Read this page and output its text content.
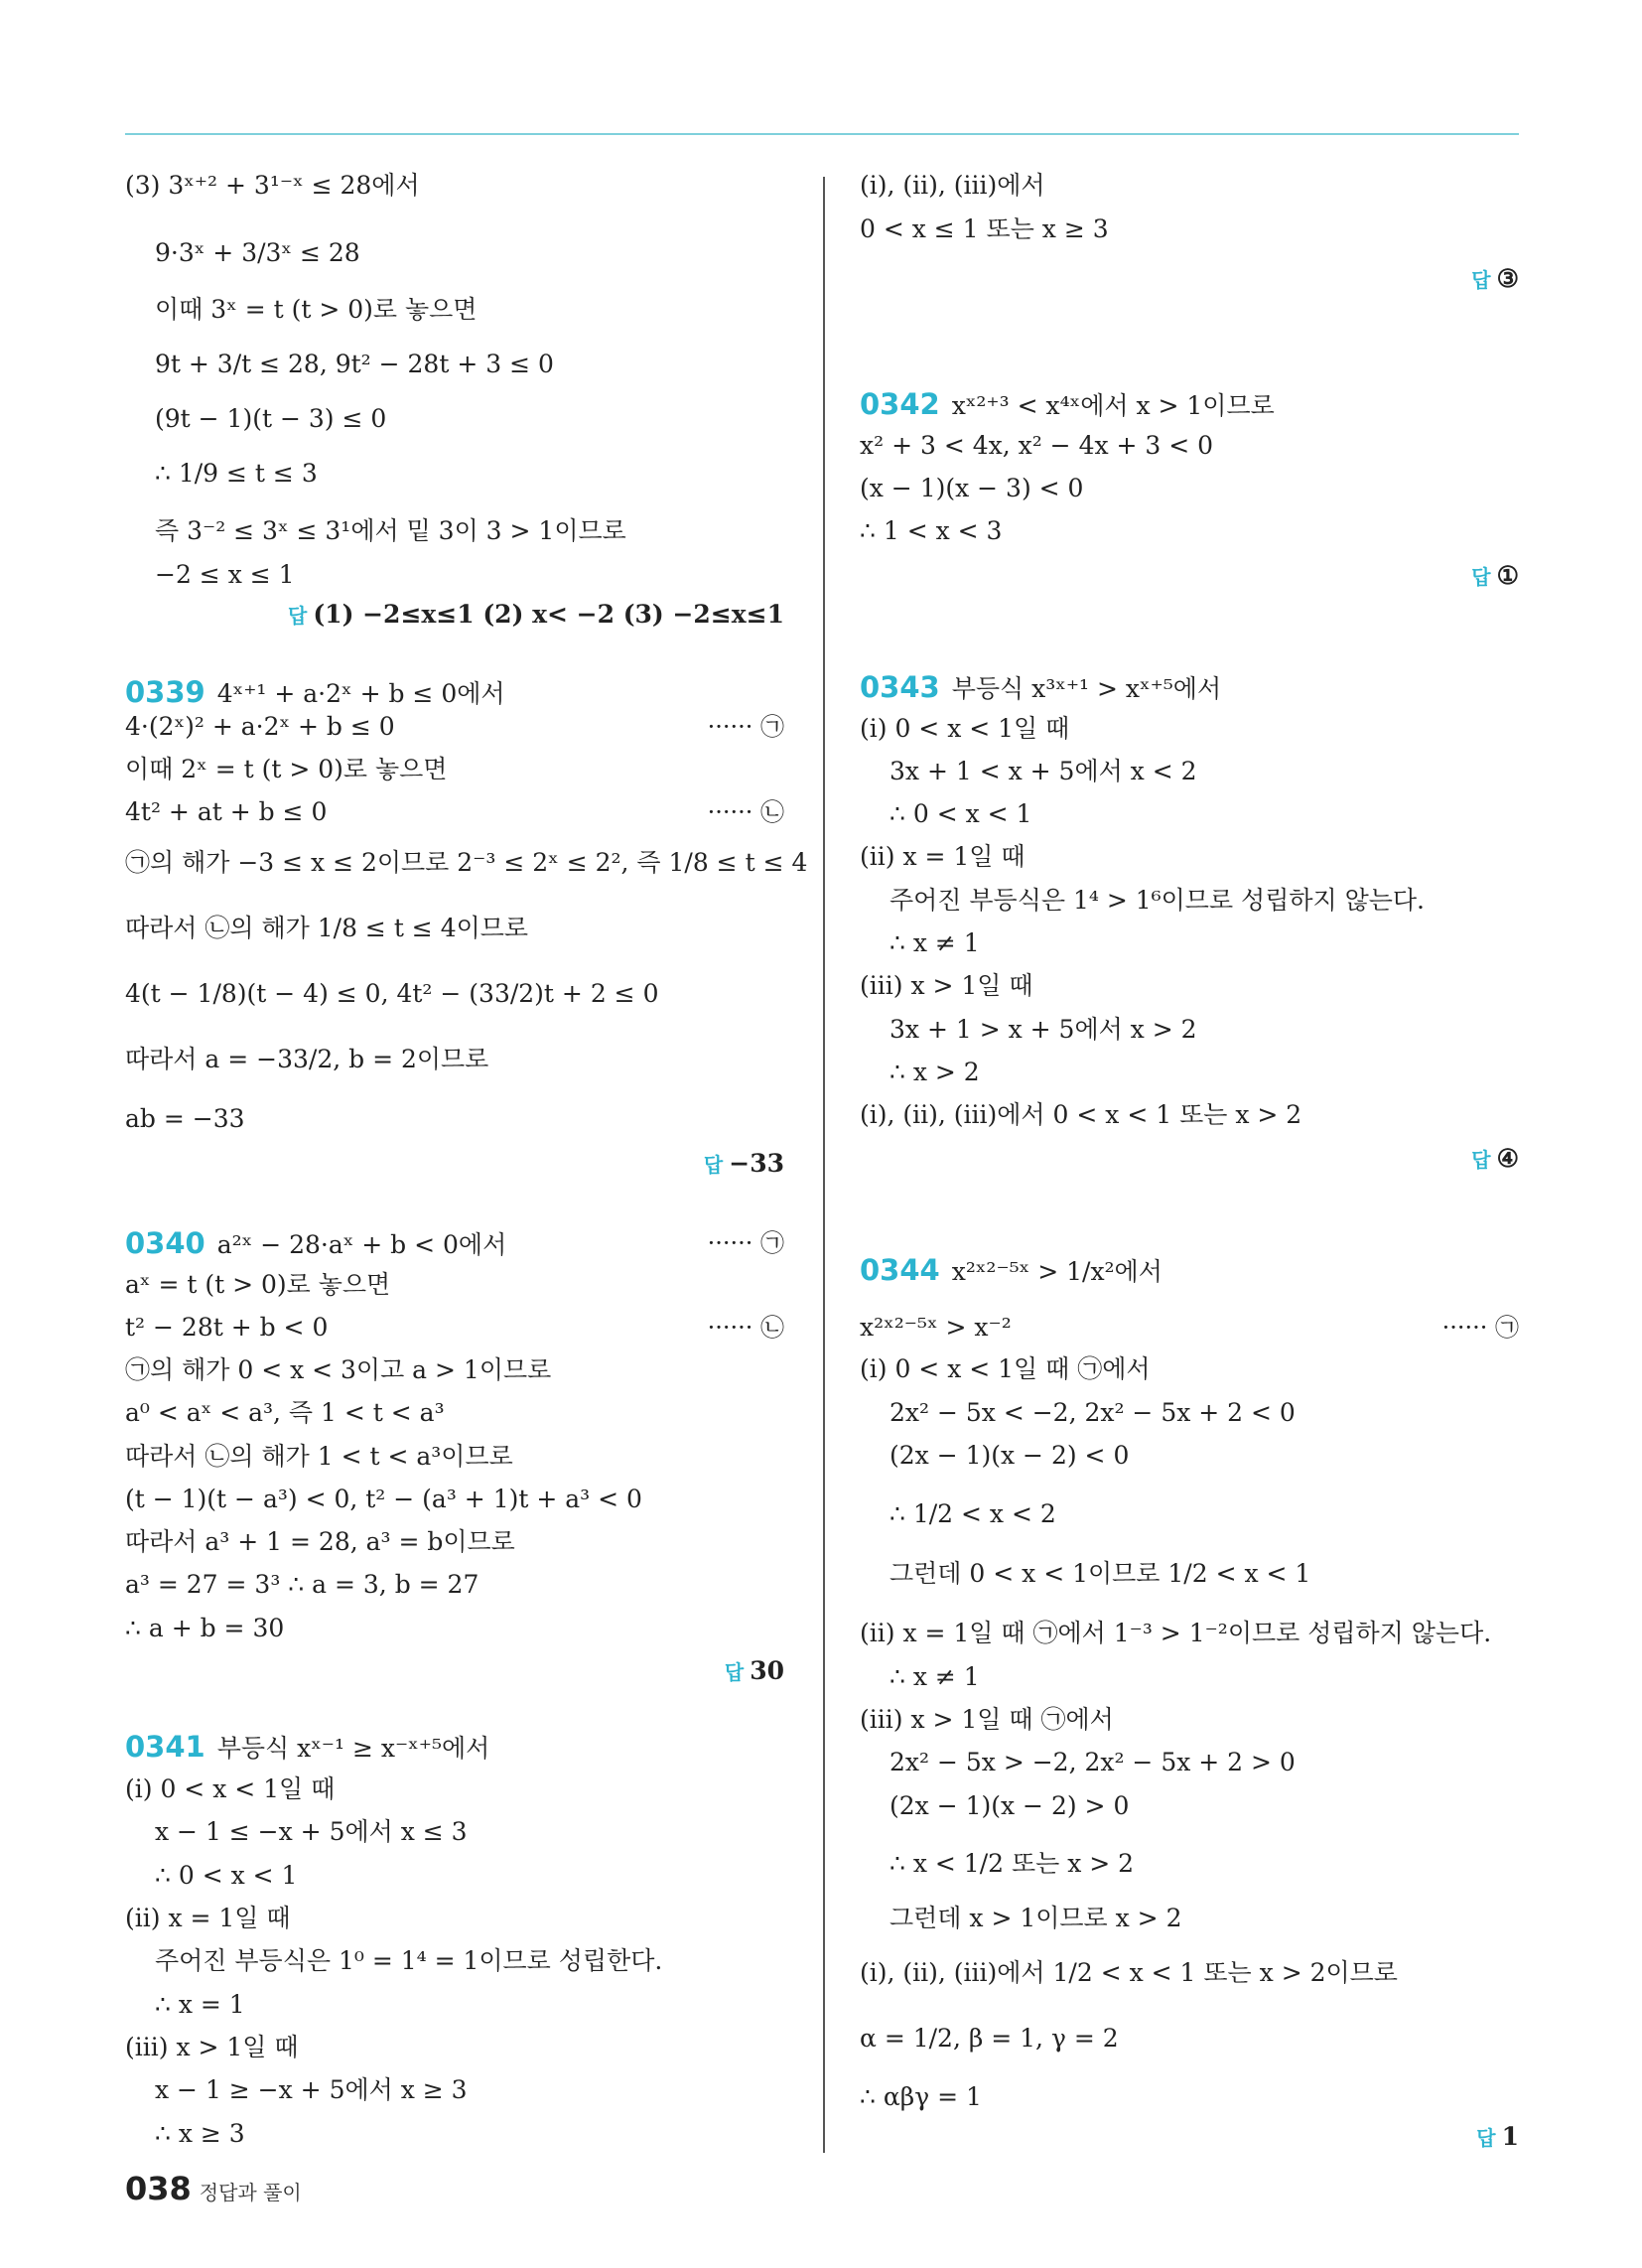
(3) 3ˣ⁺² + 3¹⁻ˣ ≤ 28에서
9·3ˣ + 3/3ˣ ≤ 28
이때 3ˣ = t (t > 0)로 놓으면
9t + 3/t ≤ 28, 9t² − 28t + 3 ≤ 0
(9t − 1)(t − 3) ≤ 0
∴ 1/9 ≤ t ≤ 3
즉 3⁻² ≤ 3ˣ ≤ 3¹에서 밑 3이 3 > 1이므로
−2 ≤ x ≤ 1
답 (1) −2≤x≤1 (2) x< −2 (3) −2≤x≤1
0339 4ˣ⁺¹ + a·2ˣ + b ≤ 0에서
4·(2ˣ)² + a·2ˣ + b ≤ 0	······ ㉠
이때 2ˣ = t (t > 0)로 놓으면
4t² + at + b ≤ 0	······ ㉡
㉠의 해가 −3 ≤ x ≤ 2이므로 2⁻³ ≤ 2ˣ ≤ 2², 즉 1/8 ≤ t ≤ 4
따라서 ㉡의 해가 1/8 ≤ t ≤ 4이므로
4(t − 1/8)(t − 4) ≤ 0, 4t² − (33/2)t + 2 ≤ 0
따라서 a = −33/2, b = 2이므로
ab = −33
답 −33
0340 a²ˣ − 28·aˣ + b < 0에서	······ ㉠
aˣ = t (t > 0)로 놓으면
t² − 28t + b < 0	······ ㉡
㉠의 해가 0 < x < 3이고 a > 1이므로
a⁰ < aˣ < a³, 즉 1 < t < a³
따라서 ㉡의 해가 1 < t < a³이므로
(t − 1)(t − a³) < 0, t² − (a³ + 1)t + a³ < 0
따라서 a³ + 1 = 28, a³ = b이므로
a³ = 27 = 3³ ∴ a = 3, b = 27
∴ a + b = 30
답 30
0341 부등식 xˣ⁻¹ ≥ x⁻ˣ⁺⁵에서
(i) 0 < x < 1일 때
x − 1 ≤ −x + 5에서 x ≤ 3
∴ 0 < x < 1
(ii) x = 1일 때
주어진 부등식은 1⁰ = 1⁴ = 1이므로 성립한다.
∴ x = 1
(iii) x > 1일 때
x − 1 ≥ −x + 5에서 x ≥ 3
∴ x ≥ 3
(i), (ii), (iii)에서
0 < x ≤ 1 또는 x ≥ 3
답 ③
0342 xˣ²⁺³ < x⁴ˣ에서 x > 1이므로
x² + 3 < 4x, x² − 4x + 3 < 0
(x − 1)(x − 3) < 0
∴ 1 < x < 3
답 ①
0343 부등식 x³ˣ⁺¹ > xˣ⁺⁵에서
(i) 0 < x < 1일 때
3x + 1 < x + 5에서 x < 2
∴ 0 < x < 1
(ii) x = 1일 때
주어진 부등식은 1⁴ > 1⁶이므로 성립하지 않는다.
∴ x ≠ 1
(iii) x > 1일 때
3x + 1 > x + 5에서 x > 2
∴ x > 2
(i), (ii), (iii)에서 0 < x < 1 또는 x > 2
답 ④
0344 x²ˣ²⁻⁵ˣ > 1/x²에서
x²ˣ²⁻⁵ˣ > x⁻²	······ ㉠
(i) 0 < x < 1일 때 ㉠에서
2x² − 5x < −2, 2x² − 5x + 2 < 0
(2x − 1)(x − 2) < 0
∴ 1/2 < x < 2
그런데 0 < x < 1이므로 1/2 < x < 1
(ii) x = 1일 때 ㉠에서 1⁻³ > 1⁻²이므로 성립하지 않는다.
∴ x ≠ 1
(iii) x > 1일 때 ㉠에서
2x² − 5x > −2, 2x² − 5x + 2 > 0
(2x − 1)(x − 2) > 0
∴ x < 1/2 또는 x > 2
그런데 x > 1이므로 x > 2
(i), (ii), (iii)에서 1/2 < x < 1 또는 x > 2이므로
α = 1/2, β = 1, γ = 2
∴ αβγ = 1
답 1
038 정답과 풀이
